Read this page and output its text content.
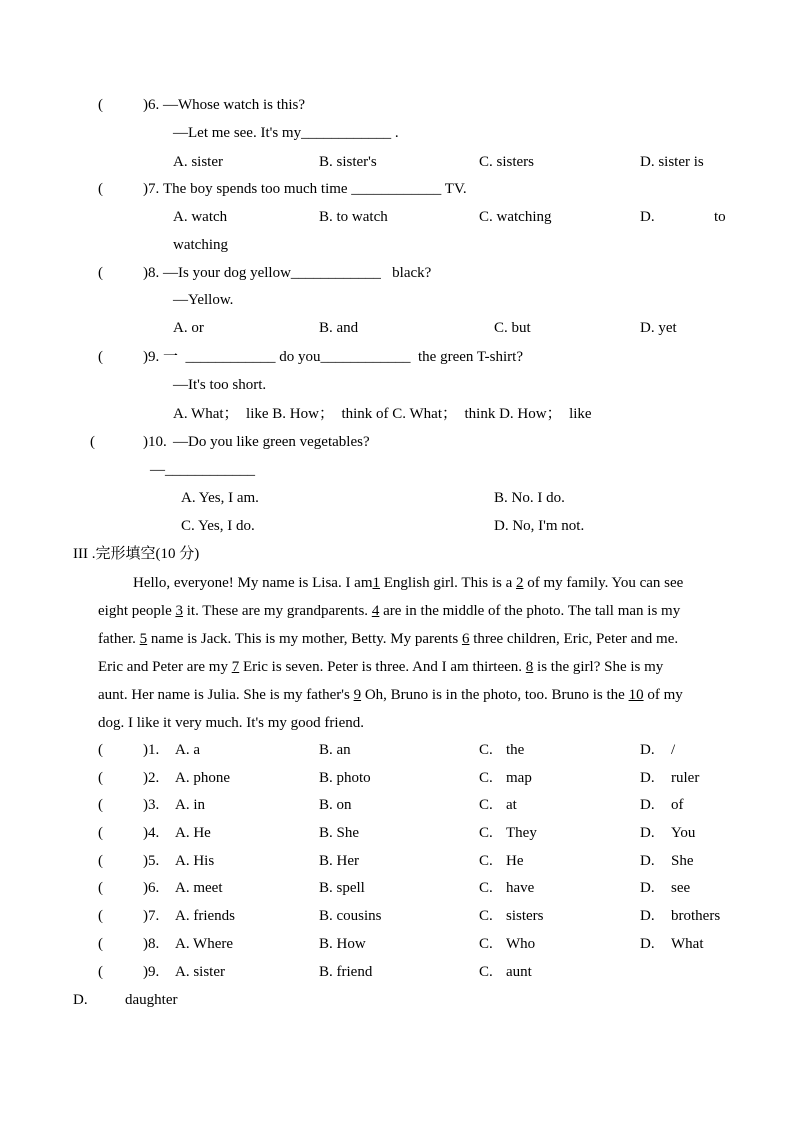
(	)6. —Whose watch is this?
—Let me see. It's my____________ .
A. sister	B. sister's	C. sisters	D. sister is
(	)7. The boy spends too much time ____________ TV.
A. watch	B. to watch	C. watching	D.	to
watching
(	)8. —Is your dog yellow____________   black?
—Yellow.
A. or	B. and	C. but	D. yet
(	)9. 一  ____________ do you____________  the green T-shirt?
—It's too short.
A. What；  like B. How；  think of C. What；  think D. How；  like
(	)10. —Do you like green vegetables?
—____________
A. Yes, I am.	B. No. I do.
C. Yes, I do.	D. No, I'm not.
III .完形填空(10 分)
Hello, everyone! My name is Lisa. I am1 English girl. This is a 2 of my family. You can see
eight people 3 it. These are my grandparents. 4 are in the middle of the photo. The tall man is my
father. 5 name is Jack. This is my mother, Betty. My parents 6 three children, Eric, Peter and me.
Eric and Peter are my 7 Eric is seven. Peter is three. And I am thirteen. 8 is the girl? She is my
aunt. Her name is Julia. She is my father's 9 Oh, Bruno is in the photo, too. Bruno is the 10 of my
dog. I like it very much. It's my good friend.
(	)1. A. a	B. an	C. the	D. /
(	)2. A. phone	B. photo	C. map	D. ruler
(	)3. A. in	B. on	C. at	D. of
(	)4. A. He	B. She	C. They	D. You
(	)5. A. His	B. Her	C. He	D. She
(	)6. A. meet	B. spell	C. have	D. see
(	)7. A. friends	B. cousins	C. sisters	D. brothers
(	)8. A. Where	B. How	C. Who	D. What
(	)9. A. sister	B. friend	C. aunt
D. daughter
